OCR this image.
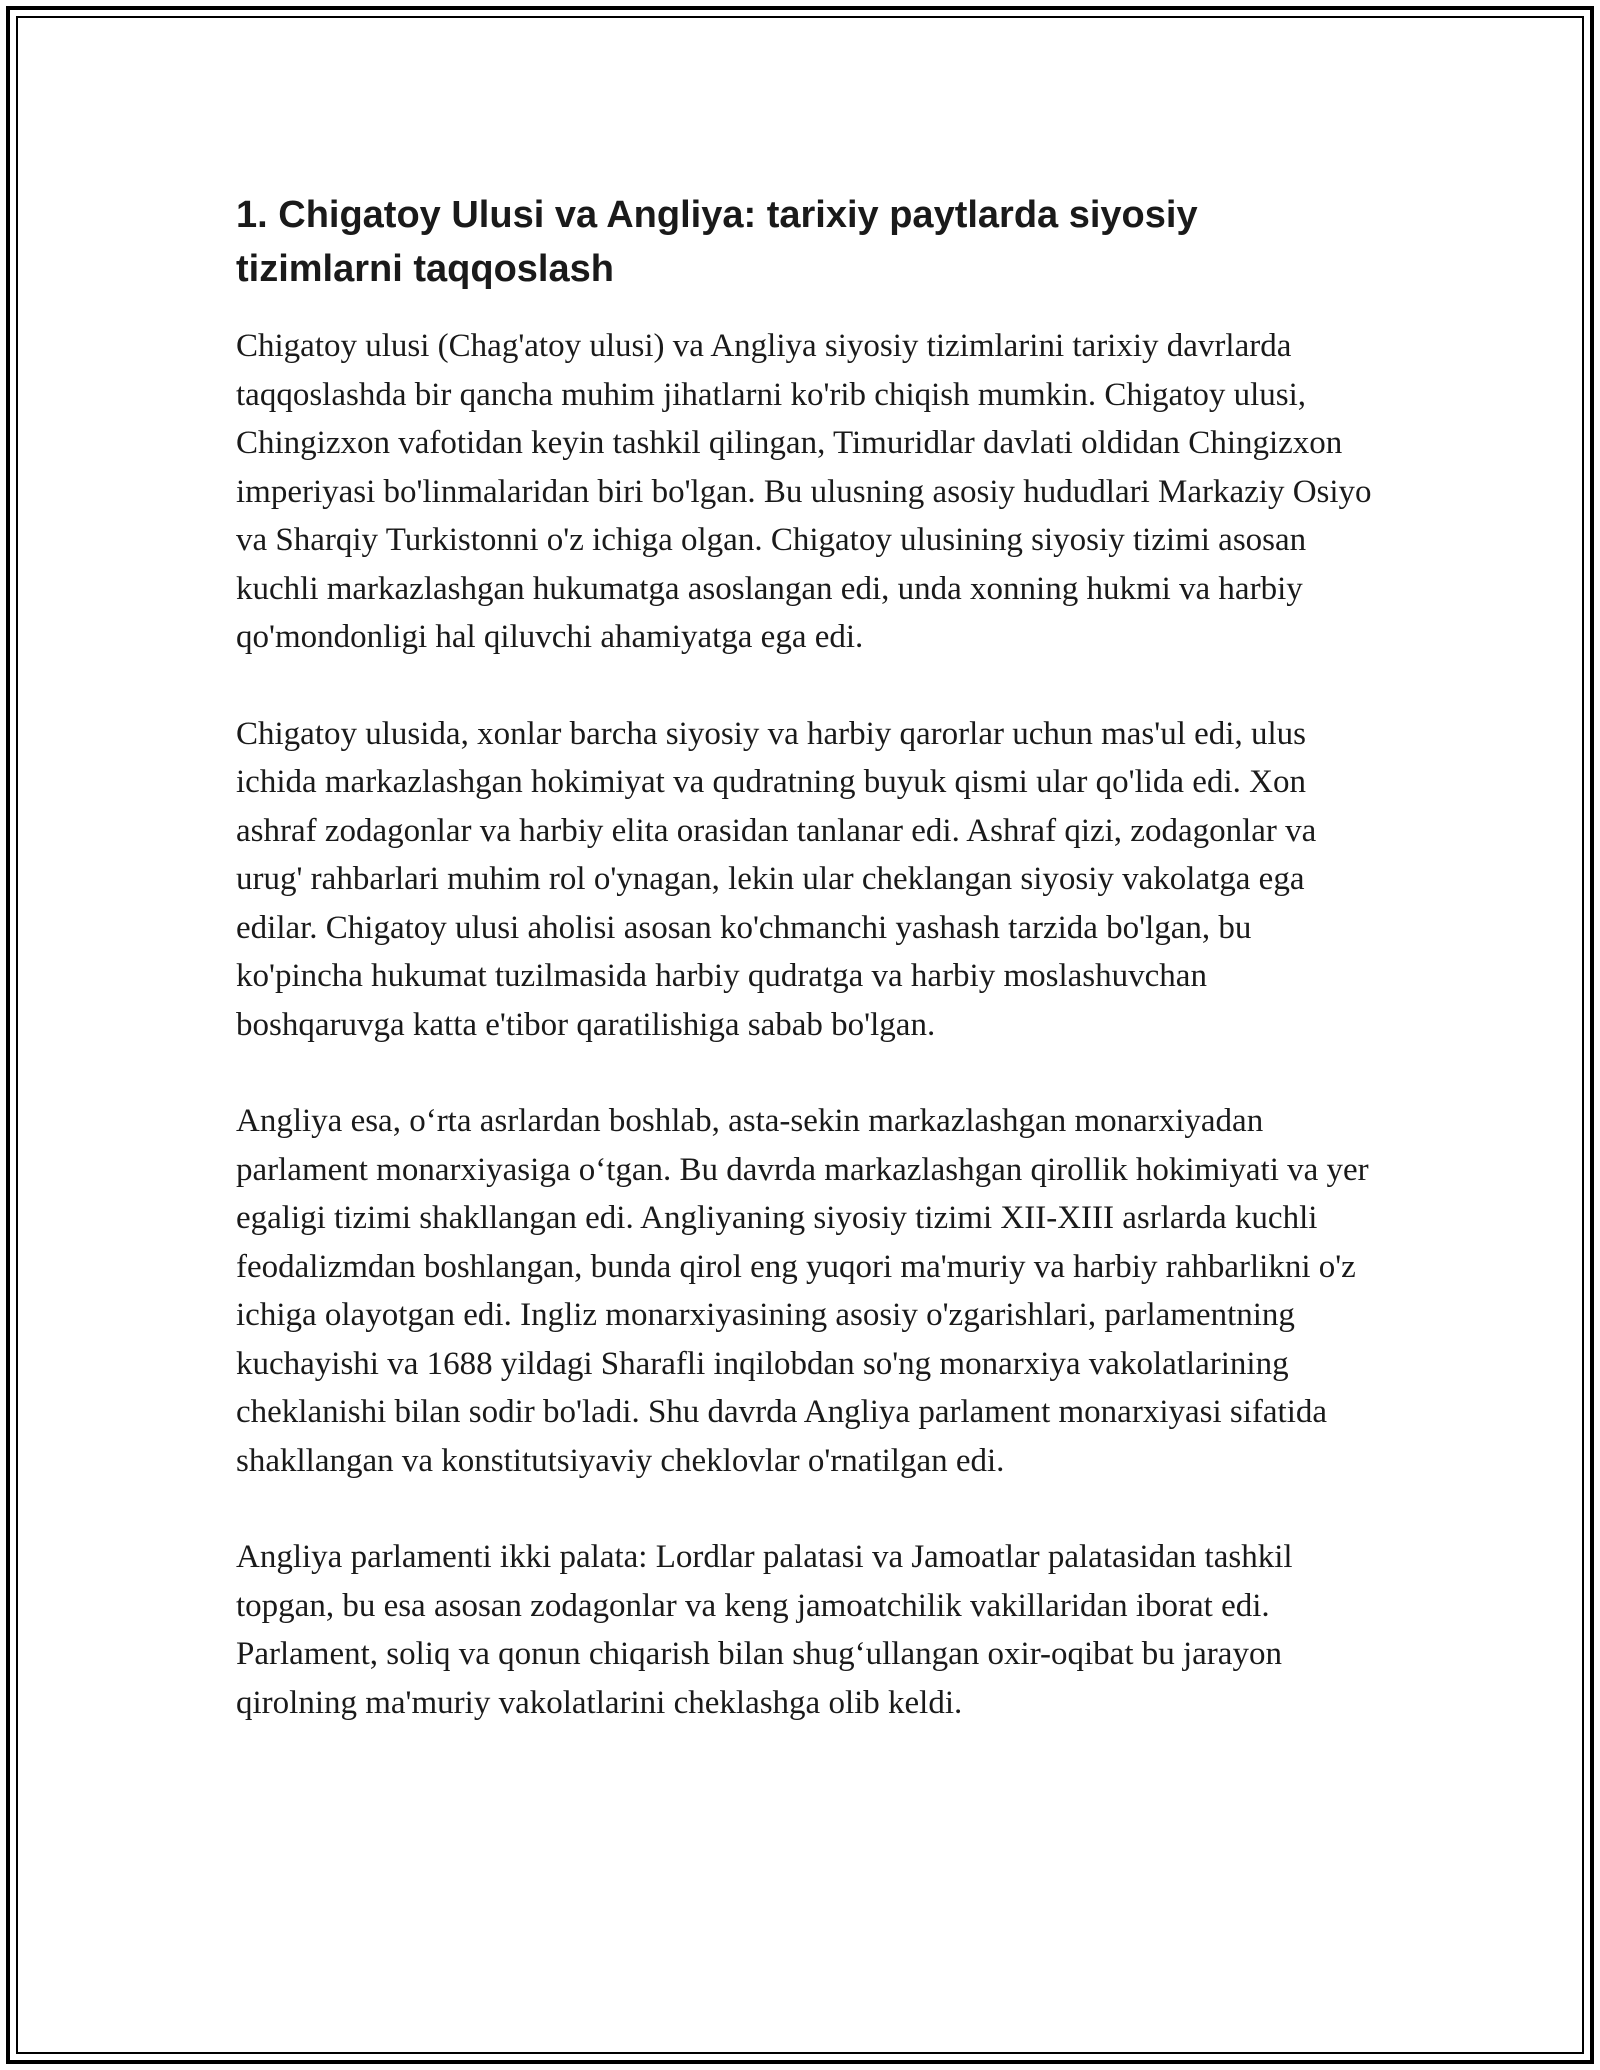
1. Chigatoy Ulusi va Angliya: tarixiy paytlarda siyosiy tizimlarni taqqoslash

Chigatoy ulusi (Chag'atoy ulusi) va Angliya siyosiy tizimlarini tarixiy davrlarda taqqoslashda bir qancha muhim jihatlarni ko'rib chiqish mumkin. Chigatoy ulusi, Chingizxon vafotidan keyin tashkil qilingan, Timuridlar davlati oldidan Chingizxon imperiyasi bo'linmalaridan biri bo'lgan. Bu ulusning asosiy hududlari Markaziy Osiyo va Sharqiy Turkistonni o'z ichiga olgan. Chigatoy ulusining siyosiy tizimi asosan kuchli markazlashgan hukumatga asoslangan edi, unda xonning hukmi va harbiy qo'mondonligi hal qiluvchi ahamiyatga ega edi.

Chigatoy ulusida, xonlar barcha siyosiy va harbiy qarorlar uchun mas'ul edi, ulus ichida markazlashgan hokimiyat va qudratning buyuk qismi ular qo'lida edi. Xon ashraf zodagonlar va harbiy elita orasidan tanlanar edi. Ashraf qizi, zodagonlar va urug' rahbarlari muhim rol o'ynagan, lekin ular cheklangan siyosiy vakolatga ega edilar. Chigatoy ulusi aholisi asosan ko'chmanchi yashash tarzida bo'lgan, bu ko'pincha hukumat tuzilmasida harbiy qudratga va harbiy moslashuvchan boshqaruvga katta e'tibor qaratilishiga sabab bo'lgan.

Angliya esa, o‘rta asrlardan boshlab, asta-sekin markazlashgan monarxiyadan parlament monarxiyasiga o‘tgan. Bu davrda markazlashgan qirollik hokimiyati va yer egaligi tizimi shakllangan edi. Angliyaning siyosiy tizimi XII-XIII asrlarda kuchli feodalizmdan boshlangan, bunda qirol eng yuqori ma'muriy va harbiy rahbarlikni o'z ichiga olayotgan edi. Ingliz monarxiyasining asosiy o'zgarishlari, parlamentning kuchayishi va 1688 yildagi Sharafli inqilobdan so'ng monarxiya vakolatlarining cheklanishi bilan sodir bo'ladi. Shu davrda Angliya parlament monarxiyasi sifatida shakllangan va konstitutsiyaviy cheklovlar o'rnatilgan edi.

Angliya parlamenti ikki palata: Lordlar palatasi va Jamoatlar palatasidan tashkil topgan, bu esa asosan zodagonlar va keng jamoatchilik vakillaridan iborat edi. Parlament, soliq va qonun chiqarish bilan shug‘ullangan oxir-oqibat bu jarayon qirolning ma'muriy vakolatlarini cheklashga olib keldi.
